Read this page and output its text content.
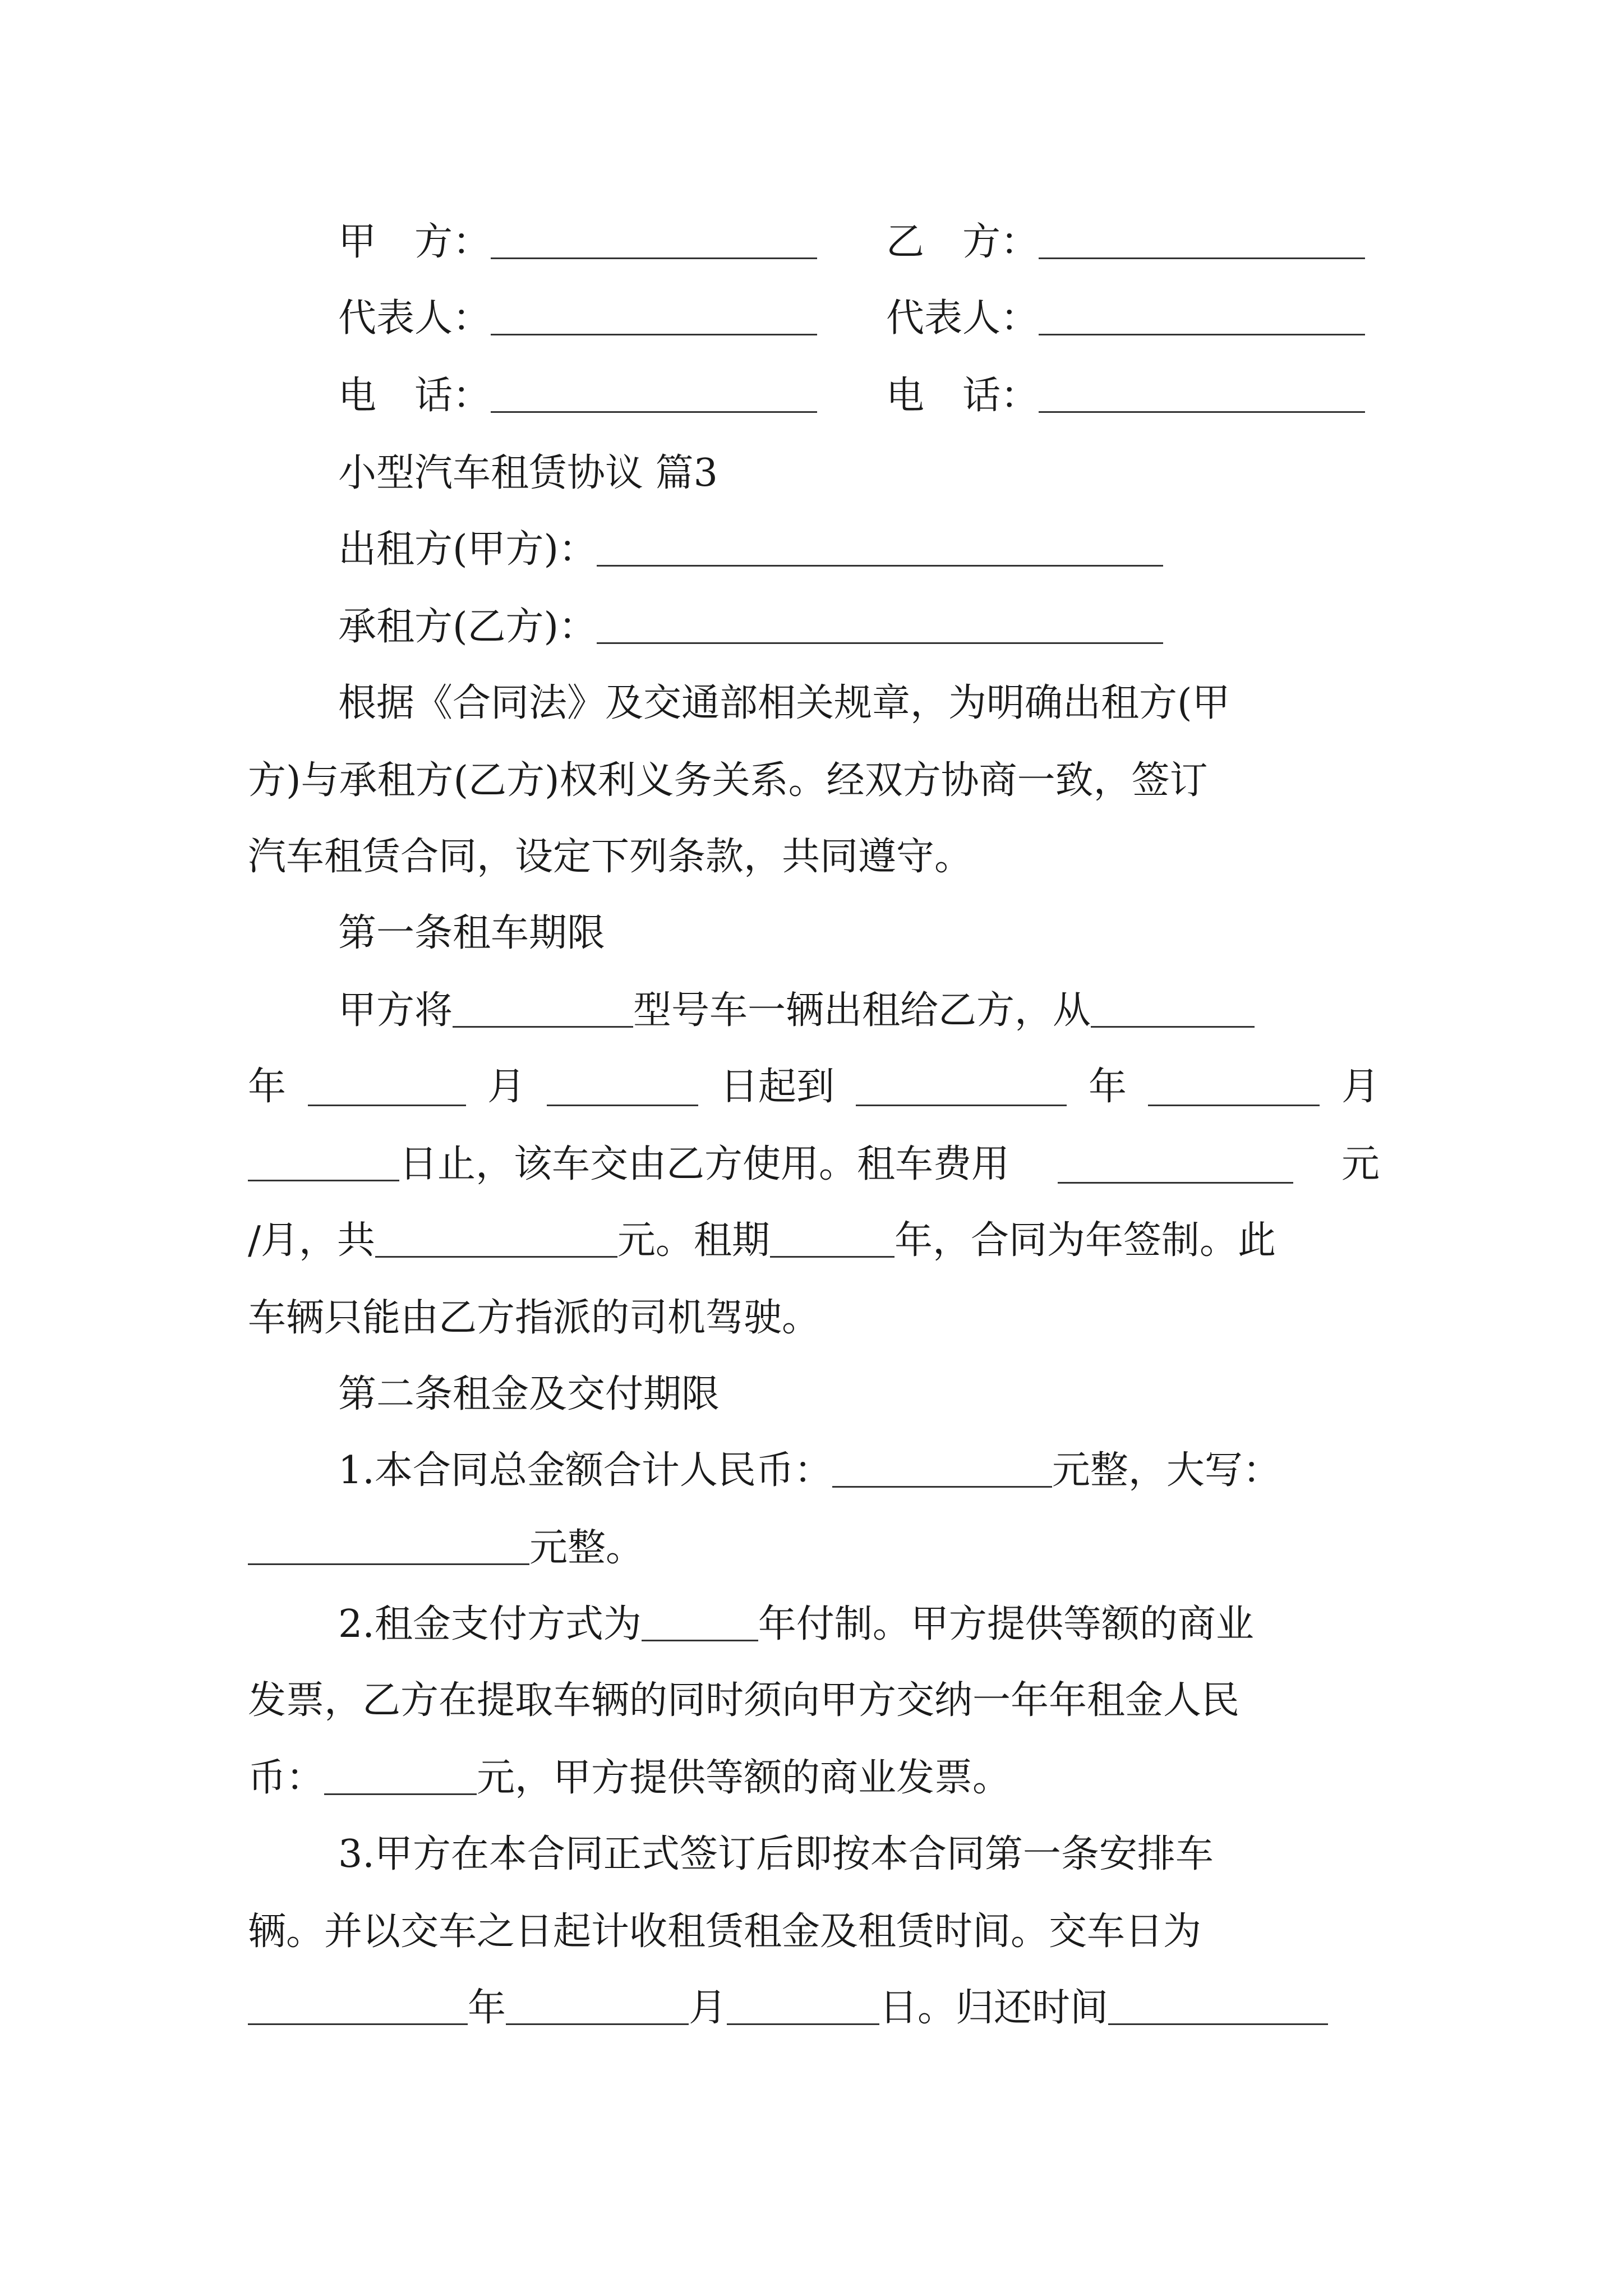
甲　方：	乙　方：
代表人：	代表人：
电　话：	电　话：
小型汽车租赁协议 篇3
出租方(甲方)：
承租方(乙方)：
根据《合同法》及交通部相关规章，为明确出租方(甲
方)与承租方(乙方)权利义务关系。经双方协商一致，签订
汽车租赁合同，设定下列条款，共同遵守。
第一条租车期限
甲方将	型号车一辆出租给乙方，从
年	月	日起到	年	月
日止，该车交由乙方使用。租车费用	元
/月，共	元。租期	年，合同为年签制。此
车辆只能由乙方指派的司机驾驶。
第二条租金及交付期限
1.本合同总金额合计人民币：	元整，大写：
元整。
2.租金支付方式为	年付制。甲方提供等额的商业
发票，乙方在提取车辆的同时须向甲方交纳一年年租金人民
币：	元，甲方提供等额的商业发票。
3.甲方在本合同正式签订后即按本合同第一条安排车
辆。并以交车之日起计收租赁租金及租赁时间。交车日为
年	月	日。归还时间
